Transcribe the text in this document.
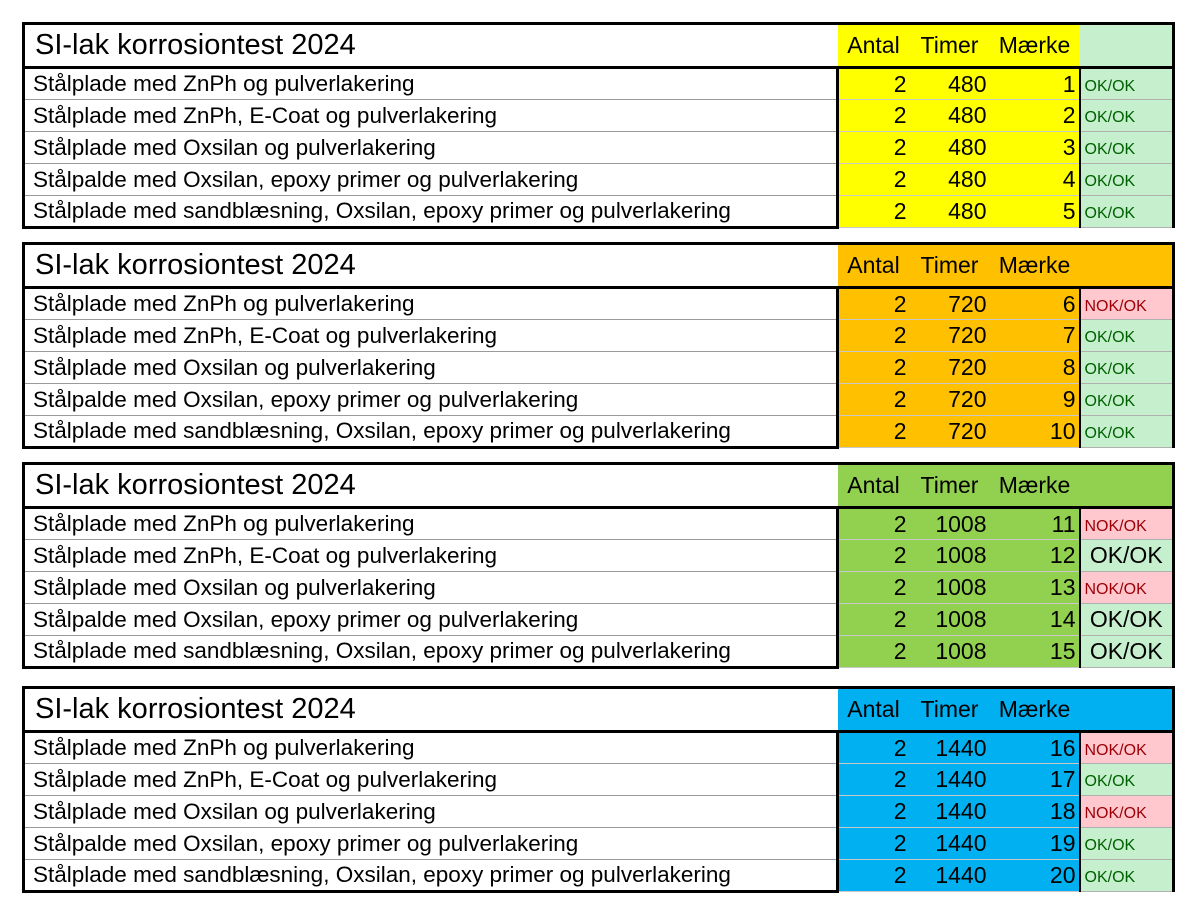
SI-lak korrosiontest 2024	Antal	Timer	Mærke	
Stålplade med ZnPh og pulverlakering	2	480	1	OK/OK
Stålplade med ZnPh, E-Coat og pulverlakering	2	480	2	OK/OK
Stålplade med Oxsilan og pulverlakering	2	480	3	OK/OK
Stålpalde med Oxsilan, epoxy primer og pulverlakering	2	480	4	OK/OK
Stålplade med sandblæsning, Oxsilan, epoxy primer og pulverlakering	2	480	5	OK/OK
SI-lak korrosiontest 2024	Antal	Timer	Mærke	
Stålplade med ZnPh og pulverlakering	2	720	6	NOK/OK
Stålplade med ZnPh, E-Coat og pulverlakering	2	720	7	OK/OK
Stålplade med Oxsilan og pulverlakering	2	720	8	OK/OK
Stålpalde med Oxsilan, epoxy primer og pulverlakering	2	720	9	OK/OK
Stålplade med sandblæsning, Oxsilan, epoxy primer og pulverlakering	2	720	10	OK/OK
SI-lak korrosiontest 2024	Antal	Timer	Mærke	
Stålplade med ZnPh og pulverlakering	2	1008	11	NOK/OK
Stålplade med ZnPh, E-Coat og pulverlakering	2	1008	12	OK/OK
Stålplade med Oxsilan og pulverlakering	2	1008	13	NOK/OK
Stålpalde med Oxsilan, epoxy primer og pulverlakering	2	1008	14	OK/OK
Stålplade med sandblæsning, Oxsilan, epoxy primer og pulverlakering	2	1008	15	OK/OK
SI-lak korrosiontest 2024	Antal	Timer	Mærke	
Stålplade med ZnPh og pulverlakering	2	1440	16	NOK/OK
Stålplade med ZnPh, E-Coat og pulverlakering	2	1440	17	OK/OK
Stålplade med Oxsilan og pulverlakering	2	1440	18	NOK/OK
Stålpalde med Oxsilan, epoxy primer og pulverlakering	2	1440	19	OK/OK
Stålplade med sandblæsning, Oxsilan, epoxy primer og pulverlakering	2	1440	20	OK/OK
